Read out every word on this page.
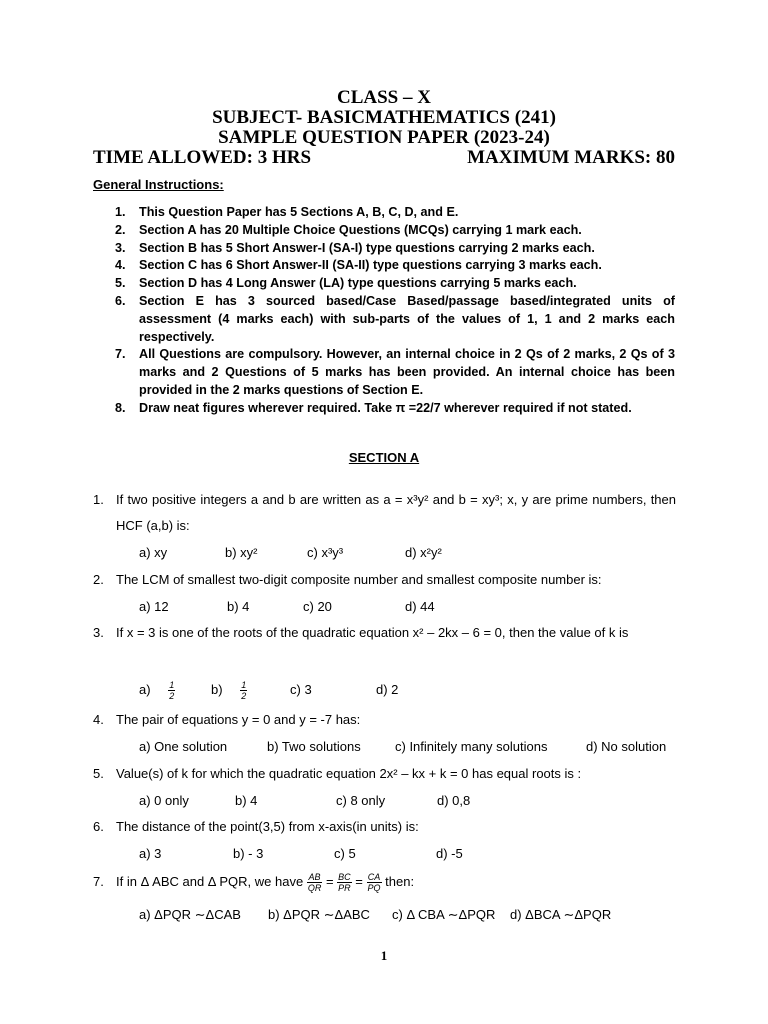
CLASS – X
SUBJECT- BASICMATHEMATICS (241)
SAMPLE QUESTION PAPER (2023-24)
TIME ALLOWED: 3 HRS	MAXIMUM MARKS: 80
General Instructions:
1. This Question Paper has 5 Sections A, B, C, D, and E.
2. Section A has 20 Multiple Choice Questions (MCQs) carrying 1 mark each.
3. Section B has 5 Short Answer-I (SA-I) type questions carrying 2 marks each.
4. Section C has 6 Short Answer-II (SA-II) type questions carrying 3 marks each.
5. Section D has 4 Long Answer (LA) type questions carrying 5 marks each.
6. Section E has 3 sourced based/Case Based/passage based/integrated units of assessment (4 marks each) with sub-parts of the values of 1, 1 and 2 marks each respectively.
7. All Questions are compulsory. However, an internal choice in 2 Qs of 2 marks, 2 Qs of 3 marks and 2 Questions of 5 marks has been provided. An internal choice has been provided in the 2 marks questions of Section E.
8. Draw neat figures wherever required. Take π =22/7 wherever required if not stated.
SECTION A
1. If two positive integers a and b are written as a = x³y² and b = xy³; x, y are prime numbers, then HCF (a,b) is:
a) xy	b) xy²	c) x³y³	d) x²y²
2. The LCM of smallest two-digit composite number and smallest composite number is:
a) 12	b) 4	c) 20	d) 44
3. If x = 3 is one of the roots of the quadratic equation x² – 2kx – 6 = 0, then the value of k is
$a) \frac{1}{2}$	$b) \frac{1}{2}$	c) 3	d) 2
4. The pair of equations y = 0 and y = -7 has:
a) One solution	b) Two solutions	c) Infinitely many solutions	d) No solution
5. Value(s) of k for which the quadratic equation 2x² – kx + k = 0 has equal roots is :
a) 0 only	b) 4	c) 8 only	d) 0,8
6. The distance of the point(3,5) from x-axis(in units) is:
a) 3	b) - 3	c) 5	d) -5
7. If in Δ ABC and Δ PQR, we have $\frac{AB}{QR} = \frac{BC}{PR} = \frac{CA}{PQ}$ then:
a) ΔPQR ∼ΔCAB b) ΔPQR ∼ΔABC c) Δ CBA ∼ΔPQR d) ΔBCA ∼ΔPQR
1
